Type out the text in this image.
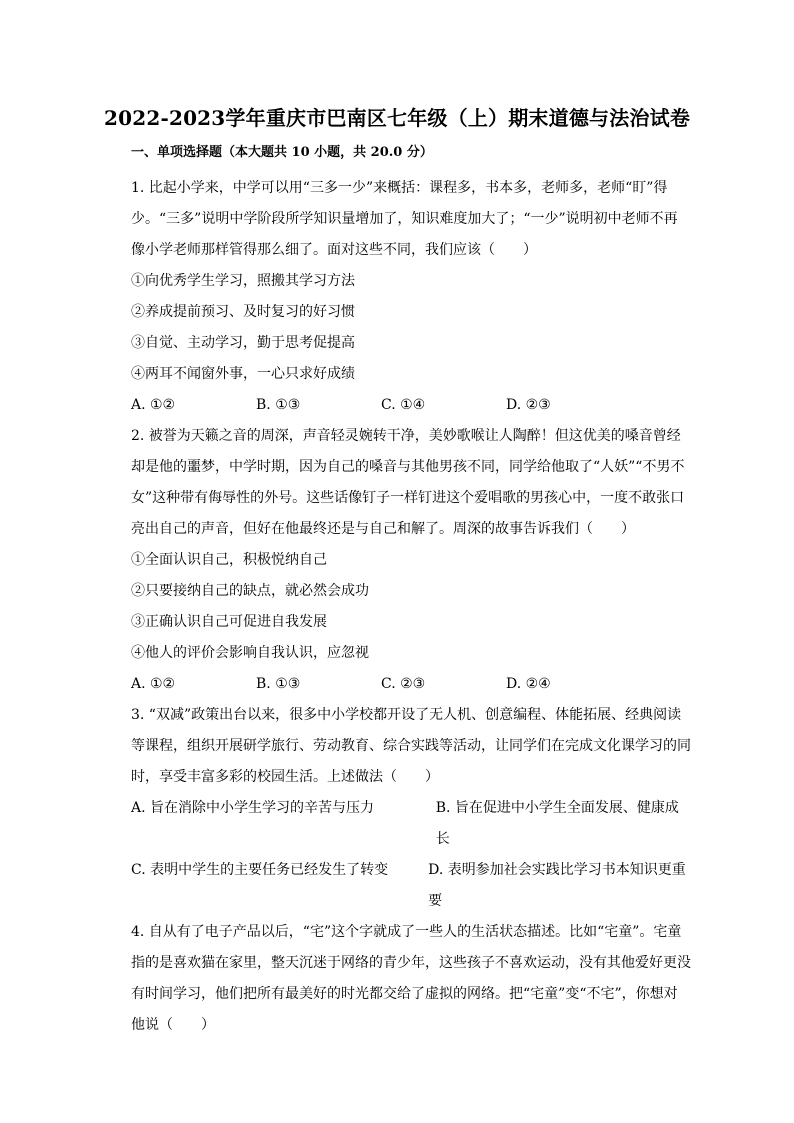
2022-2023学年重庆市巴南区七年级（上）期末道德与法治试卷
一、单项选择题（本大题共 10 小题，共 20.0 分）

1. 比起小学来，中学可以用“三多一少”来概括：课程多，书本多，老师多，老师“盯”得少。“三多”说明中学阶段所学知识量增加了，知识难度加大了；“一少”说明初中老师不再像小学老师那样管得那么细了。面对这些不同，我们应该（　　）

①向优秀学生学习，照搬其学习方法

②养成提前预习、及时复习的好习惯

③自觉、主动学习，勤于思考促提高

④两耳不闻窗外事，一心只求好成绩

A. ①②	B. ①③	C. ①④	D. ②③

2. 被誉为天籁之音的周深，声音轻灵婉转干净，美妙歌喉让人陶醉！但这优美的嗓音曾经却是他的噩梦，中学时期，因为自己的嗓音与其他男孩不同，同学给他取了“人妖”“不男不女”这种带有侮辱性的外号。这些话像钉子一样钉进这个爱唱歌的男孩心中，一度不敢张口亮出自己的声音，但好在他最终还是与自己和解了。周深的故事告诉我们（　　）

①全面认识自己，积极悦纳自己

②只要接纳自己的缺点，就必然会成功

③正确认识自己可促进自我发展

④他人的评价会影响自我认识，应忽视

A. ①②	B. ①③	C. ②③	D. ②④

3. “双减”政策出台以来，很多中小学校都开设了无人机、创意编程、体能拓展、经典阅读等课程，组织开展研学旅行、劳动教育、综合实践等活动，让同学们在完成文化课学习的同时，享受丰富多彩的校园生活。上述做法（　　）

A. 旨在消除中小学生学习的辛苦与压力	B. 旨在促进中小学生全面发展、健康成长
C. 表明中学生的主要任务已经发生了转变	D. 表明参加社会实践比学习书本知识更重要

4. 自从有了电子产品以后，“宅”这个字就成了一些人的生活状态描述。比如“宅童”。宅童指的是喜欢猫在家里，整天沉迷于网络的青少年，这些孩子不喜欢运动，没有其他爱好更没有时间学习，他们把所有最美好的时光都交给了虚拟的网络。把“宅童”变“不宅”，你想对他说（　　）
